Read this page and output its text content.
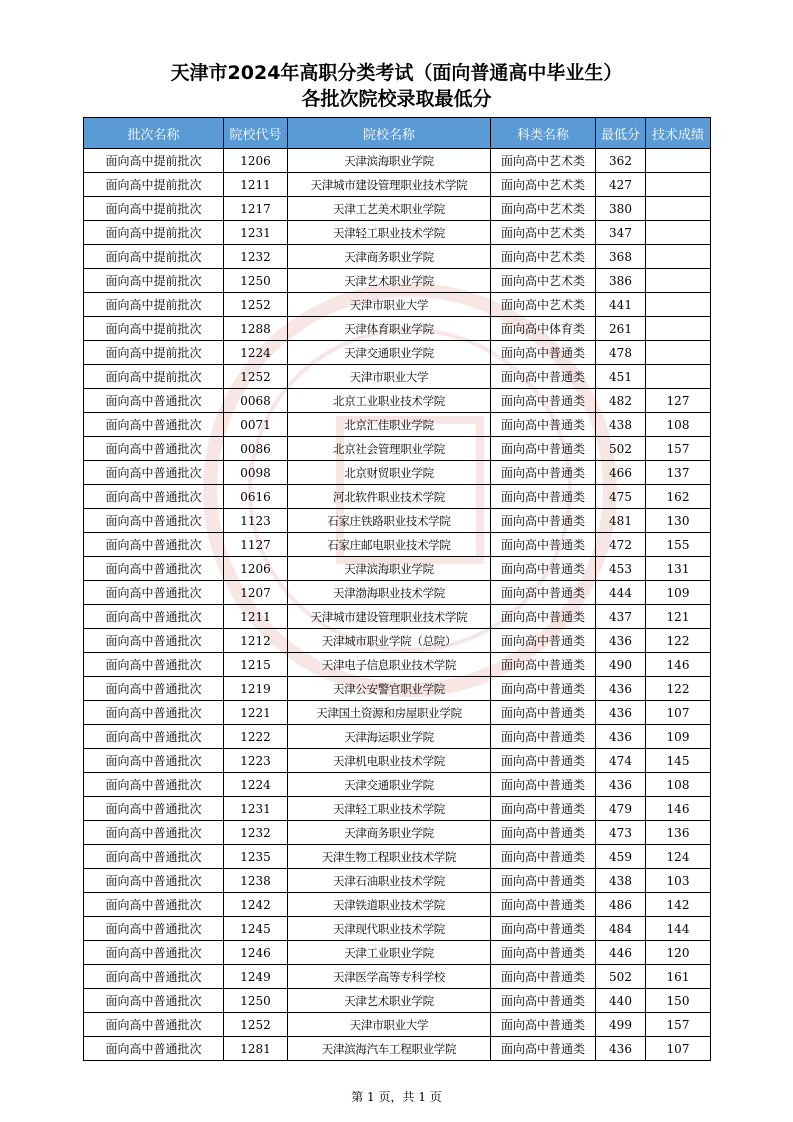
天津市2024年高职分类考试（面向普通高中毕业生）
各批次院校录取最低分
批次名称	院校代号	院校名称	科类名称	最低分	技术成绩
面向高中提前批次	1206	天津滨海职业学院	面向高中艺术类	362	
面向高中提前批次	1211	天津城市建设管理职业技术学院	面向高中艺术类	427	
面向高中提前批次	1217	天津工艺美术职业学院	面向高中艺术类	380	
面向高中提前批次	1231	天津轻工职业技术学院	面向高中艺术类	347	
面向高中提前批次	1232	天津商务职业学院	面向高中艺术类	368	
面向高中提前批次	1250	天津艺术职业学院	面向高中艺术类	386	
面向高中提前批次	1252	天津市职业大学	面向高中艺术类	441	
面向高中提前批次	1288	天津体育职业学院	面向高中体育类	261	
面向高中提前批次	1224	天津交通职业学院	面向高中普通类	478	
面向高中提前批次	1252	天津市职业大学	面向高中普通类	451	
面向高中普通批次	0068	北京工业职业技术学院	面向高中普通类	482	127
面向高中普通批次	0071	北京汇佳职业学院	面向高中普通类	438	108
面向高中普通批次	0086	北京社会管理职业学院	面向高中普通类	502	157
面向高中普通批次	0098	北京财贸职业学院	面向高中普通类	466	137
面向高中普通批次	0616	河北软件职业技术学院	面向高中普通类	475	162
面向高中普通批次	1123	石家庄铁路职业技术学院	面向高中普通类	481	130
面向高中普通批次	1127	石家庄邮电职业技术学院	面向高中普通类	472	155
面向高中普通批次	1206	天津滨海职业学院	面向高中普通类	453	131
面向高中普通批次	1207	天津渤海职业技术学院	面向高中普通类	444	109
面向高中普通批次	1211	天津城市建设管理职业技术学院	面向高中普通类	437	121
面向高中普通批次	1212	天津城市职业学院（总院）	面向高中普通类	436	122
面向高中普通批次	1215	天津电子信息职业技术学院	面向高中普通类	490	146
面向高中普通批次	1219	天津公安警官职业学院	面向高中普通类	436	122
面向高中普通批次	1221	天津国土资源和房屋职业学院	面向高中普通类	436	107
面向高中普通批次	1222	天津海运职业学院	面向高中普通类	436	109
面向高中普通批次	1223	天津机电职业技术学院	面向高中普通类	474	145
面向高中普通批次	1224	天津交通职业学院	面向高中普通类	436	108
面向高中普通批次	1231	天津轻工职业技术学院	面向高中普通类	479	146
面向高中普通批次	1232	天津商务职业学院	面向高中普通类	473	136
面向高中普通批次	1235	天津生物工程职业技术学院	面向高中普通类	459	124
面向高中普通批次	1238	天津石油职业技术学院	面向高中普通类	438	103
面向高中普通批次	1242	天津铁道职业技术学院	面向高中普通类	486	142
面向高中普通批次	1245	天津现代职业技术学院	面向高中普通类	484	144
面向高中普通批次	1246	天津工业职业学院	面向高中普通类	446	120
面向高中普通批次	1249	天津医学高等专科学校	面向高中普通类	502	161
面向高中普通批次	1250	天津艺术职业学院	面向高中普通类	440	150
面向高中普通批次	1252	天津市职业大学	面向高中普通类	499	157
面向高中普通批次	1281	天津滨海汽车工程职业学院	面向高中普通类	436	107
第 1 页，共 1 页
